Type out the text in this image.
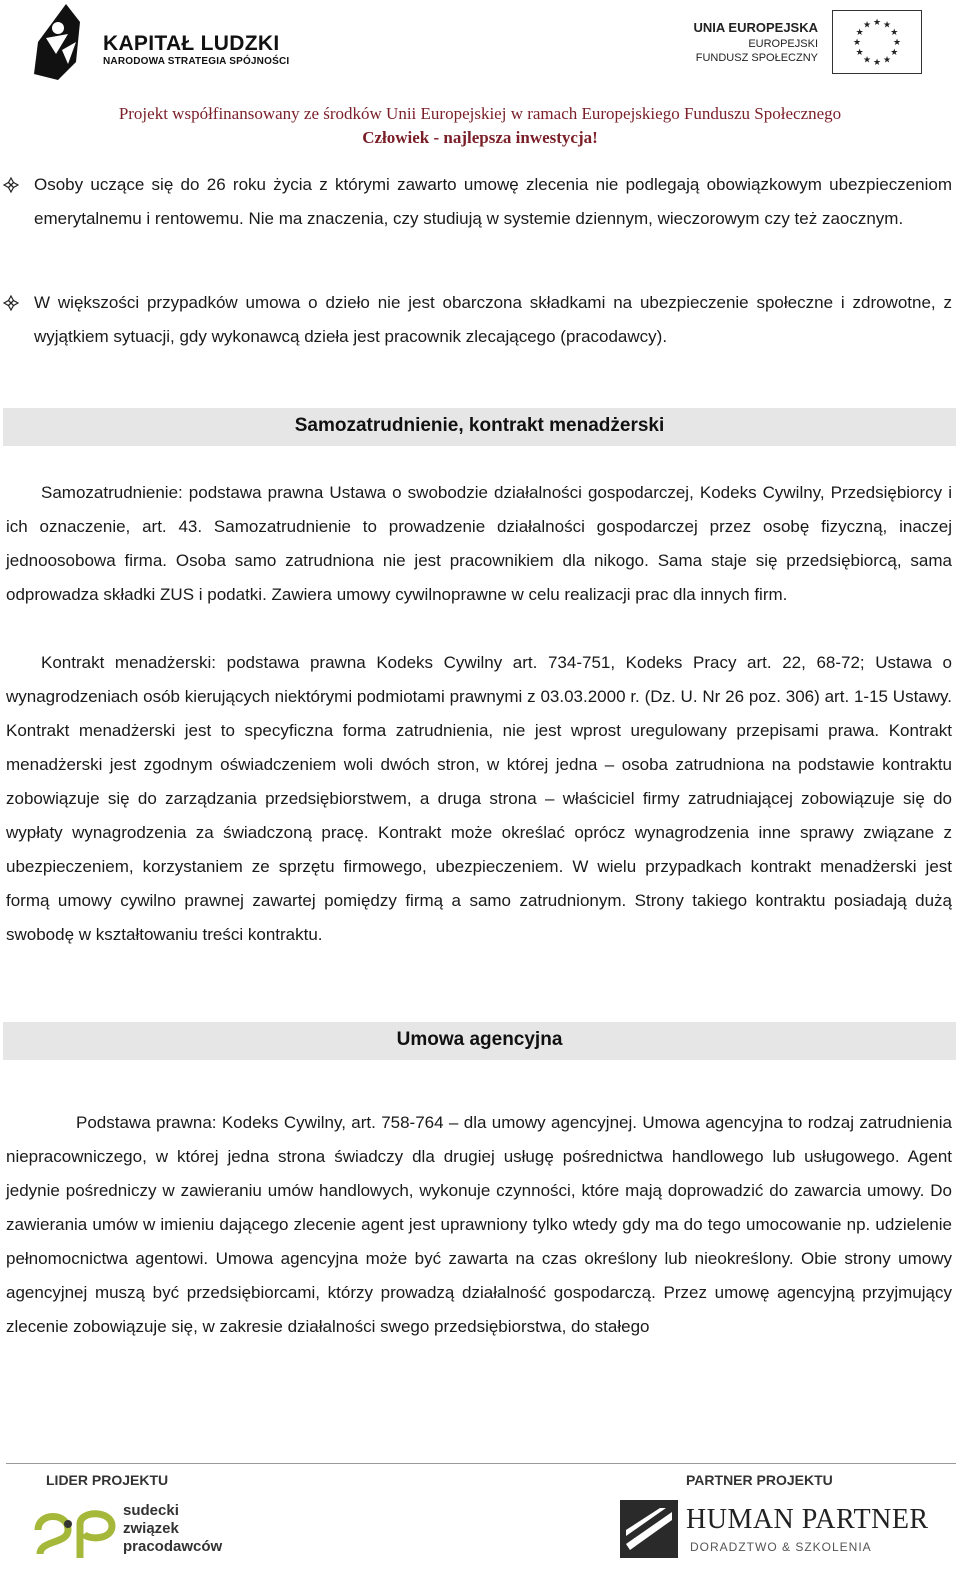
KAPITAŁ LUDZKI
NARODOWA STRATEGIA SPÓJNOŚCI
UNIA EUROPEJSKA
EUROPEJSKI
FUNDUSZ SPOŁECZNY
★ ★
★
★
★
★
★
★
★
★
★
★
Projekt współfinansowany ze środków Unii Europejskiej w ramach Europejskiego Funduszu Społecznego
Człowiek - najlepsza inwestycja!
Osoby uczące się do 26 roku życia z którymi zawarto umowę zlecenia nie podlegają obowiązkowym ubezpieczeniom emerytalnemu i rentowemu. Nie ma znaczenia, czy studiują w systemie dziennym, wieczorowym czy też zaocznym.
W większości przypadków umowa o dzieło nie jest obarczona składkami na ubezpieczenie społeczne i zdrowotne, z wyjątkiem sytuacji, gdy wykonawcą dzieła jest pracownik zlecającego (pracodawcy).
Samozatrudnienie, kontrakt menadżerski
Samozatrudnienie: podstawa prawna Ustawa o swobodzie działalności gospodarczej, Kodeks Cywilny, Przedsiębiorcy i ich oznaczenie, art. 43. Samozatrudnienie to prowadzenie działalności gospodarczej przez osobę fizyczną, inaczej jednoosobowa firma. Osoba samo zatrudniona nie jest pracownikiem dla nikogo. Sama staje się przedsiębiorcą, sama odprowadza składki ZUS i podatki. Zawiera umowy cywilnoprawne w celu realizacji prac dla innych firm.
Kontrakt menadżerski: podstawa prawna Kodeks Cywilny art. 734-751, Kodeks Pracy art. 22, 68-72; Ustawa o wynagrodzeniach osób kierujących niektórymi podmiotami prawnymi z 03.03.2000 r. (Dz. U. Nr 26 poz. 306) art. 1-15 Ustawy. Kontrakt menadżerski jest to specyficzna forma zatrudnienia, nie jest wprost uregulowany przepisami prawa. Kontrakt menadżerski jest zgodnym oświadczeniem woli dwóch stron, w której jedna – osoba zatrudniona na podstawie kontraktu zobowiązuje się do zarządzania przedsiębiorstwem, a druga strona – właściciel firmy zatrudniającej zobowiązuje się do wypłaty wynagrodzenia za świadczoną pracę. Kontrakt może określać oprócz wynagrodzenia inne sprawy związane z ubezpieczeniem, korzystaniem ze sprzętu firmowego, ubezpieczeniem. W wielu przypadkach kontrakt menadżerski jest formą umowy cywilno prawnej zawartej pomiędzy firmą a samo zatrudnionym. Strony takiego kontraktu posiadają dużą swobodę w kształtowaniu treści kontraktu.
Umowa agencyjna
Podstawa prawna: Kodeks Cywilny, art. 758-764 – dla umowy agencyjnej. Umowa agencyjna to rodzaj zatrudnienia niepracowniczego, w której jedna strona świadczy dla drugiej usługę pośrednictwa handlowego lub usługowego. Agent jedynie pośredniczy w zawieraniu umów handlowych, wykonuje czynności, które mają doprowadzić do zawarcia umowy. Do zawierania umów w imieniu dającego zlecenie agent jest uprawniony tylko wtedy gdy ma do tego umocowanie np. udzielenie pełnomocnictwa agentowi. Umowa agencyjna może być zawarta na czas określony lub nieokreślony. Obie strony umowy agencyjnej muszą być przedsiębiorcami, którzy prowadzą działalność gospodarczą. Przez umowę agencyjną przyjmujący zlecenie zobowiązuje się, w zakresie działalności swego przedsiębiorstwa, do stałego
LIDER PROJEKTU	PARTNER PROJEKTU
sudecki
związek
pracodawców
HUMAN PARTNER
DORADZTWO & SZKOLENIA
